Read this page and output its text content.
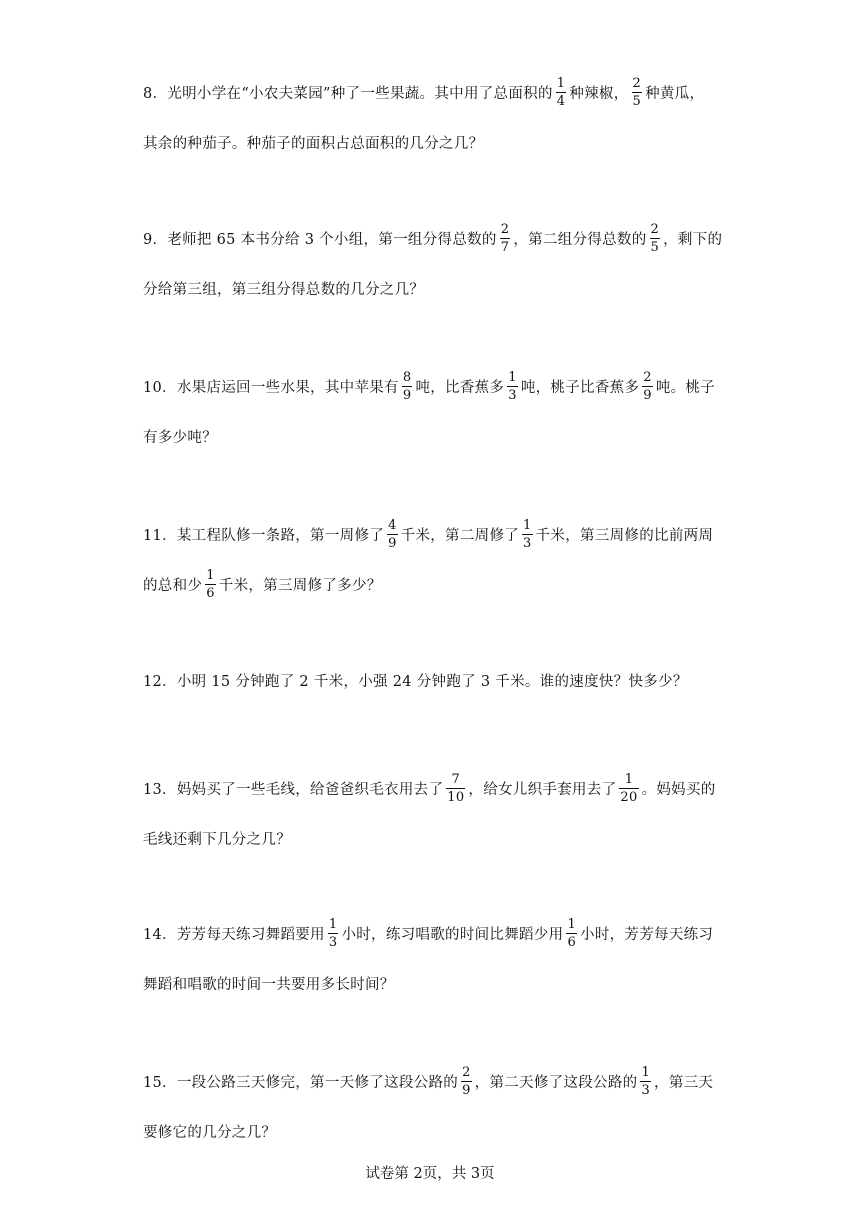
8．光明小学在“小农夫菜园”种了一些果蔬。其中用了总面积的 $\frac{1}{4}$ 种辣椒， $\frac{2}{5}$ 种黄瓜，
其余的种茄子。种茄子的面积占总面积的几分之几？
9．老师把 65 本书分给 3 个小组，第一组分得总数的 $\frac{2}{7}$ ，第二组分得总数的 $\frac{2}{5}$ ，剩下的
分给第三组，第三组分得总数的几分之几？
10．水果店运回一些水果，其中苹果有 $\frac{8}{9}$ 吨，比香蕉多 $\frac{1}{3}$ 吨，桃子比香蕉多 $\frac{2}{9}$ 吨。桃子
有多少吨？
11．某工程队修一条路，第一周修了 $\frac{4}{9}$ 千米，第二周修了 $\frac{1}{3}$ 千米，第三周修的比前两周
的总和少 $\frac{1}{6}$ 千米，第三周修了多少？
12．小明 15 分钟跑了 2 千米，小强 24 分钟跑了 3 千米。谁的速度快？快多少？
13．妈妈买了一些毛线，给爸爸织毛衣用去了 $\frac{7}{10}$ ，给女儿织手套用去了 $\frac{1}{20}$ 。妈妈买的
毛线还剩下几分之几？
14．芳芳每天练习舞蹈要用 $\frac{1}{3}$ 小时，练习唱歌的时间比舞蹈少用 $\frac{1}{6}$ 小时，芳芳每天练习
舞蹈和唱歌的时间一共要用多长时间？
15．一段公路三天修完，第一天修了这段公路的 $\frac{2}{9}$ ，第二天修了这段公路的 $\frac{1}{3}$ ，第三天
要修它的几分之几？
试卷第 2页，共 3页
